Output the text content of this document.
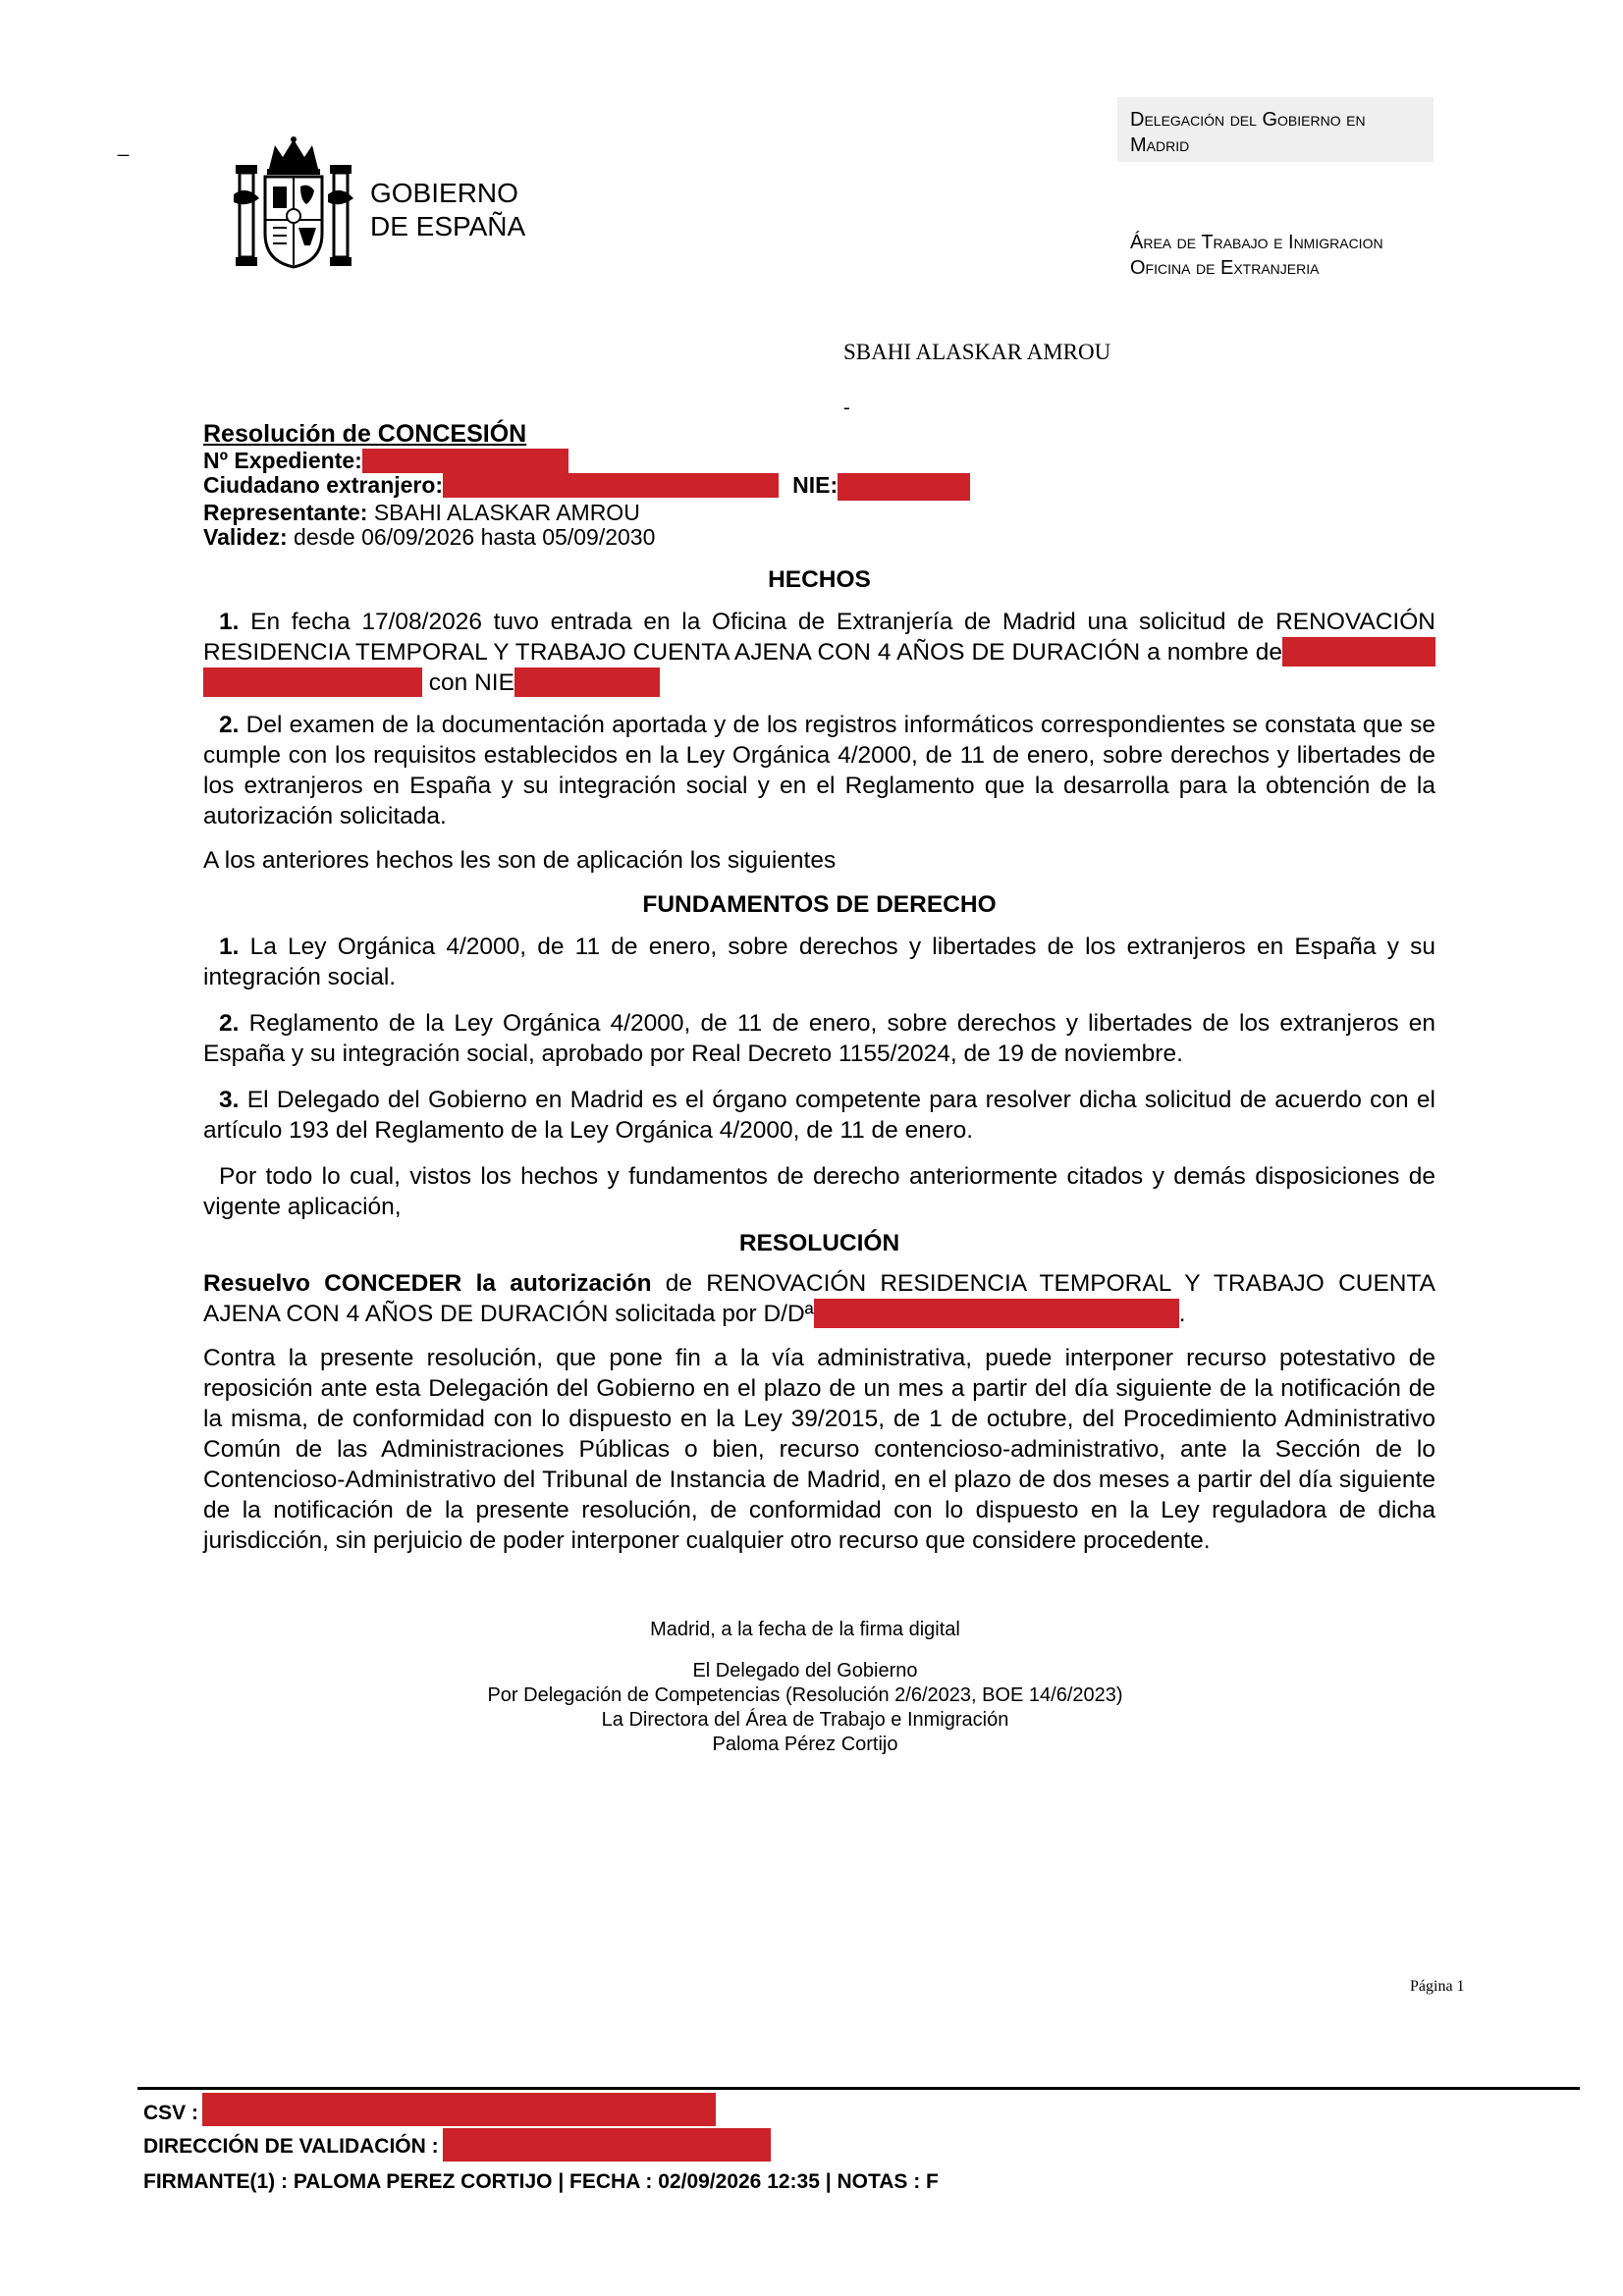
_
GOBIERNO
DE ESPAÑA
Delegación del Gobierno en
Madrid
Área de Trabajo e Inmigracion
Oficina de Extranjeria
SBAHI ALASKAR AMROU
-
Resolución de CONCESIÓN
Nº Expediente:
Ciudadano extranjero:	NIE:
Representante: SBAHI ALASKAR AMROU
Validez: desde 06/09/2026 hasta 05/09/2030
HECHOS
1. En fecha 17/08/2026 tuvo entrada en la Oficina de Extranjería de Madrid una solicitud de RENOVACIÓN RESIDENCIA TEMPORAL Y TRABAJO CUENTA AJENA CON 4 AÑOS DE DURACIÓN a nombre de con NIE
2. Del examen de la documentación aportada y de los registros informáticos correspondientes se constata que se cumple con los requisitos establecidos en la Ley Orgánica 4/2000, de 11 de enero, sobre derechos y libertades de los extranjeros en España y su integración social y en el Reglamento que la desarrolla para la obtención de la autorización solicitada.
A los anteriores hechos les son de aplicación los siguientes
FUNDAMENTOS DE DERECHO
1. La Ley Orgánica 4/2000, de 11 de enero, sobre derechos y libertades de los extranjeros en España y su integración social.
2. Reglamento de la Ley Orgánica 4/2000, de 11 de enero, sobre derechos y libertades de los extranjeros en España y su integración social, aprobado por Real Decreto 1155/2024, de 19 de noviembre.
3. El Delegado del Gobierno en Madrid es el órgano competente para resolver dicha solicitud de acuerdo con el artículo 193 del Reglamento de la Ley Orgánica 4/2000, de 11 de enero.
Por todo lo cual, vistos los hechos y fundamentos de derecho anteriormente citados y demás disposiciones de vigente aplicación,
RESOLUCIÓN
Resuelvo CONCEDER la autorización de RENOVACIÓN RESIDENCIA TEMPORAL Y TRABAJO CUENTA AJENA CON 4 AÑOS DE DURACIÓN solicitada por D/Dª	.
Contra la presente resolución, que pone fin a la vía administrativa, puede interponer recurso potestativo de reposición ante esta Delegación del Gobierno en el plazo de un mes a partir del día siguiente de la notificación de la misma, de conformidad con lo dispuesto en la Ley 39/2015, de 1 de octubre, del Procedimiento Administrativo Común de las Administraciones Públicas o bien, recurso contencioso-administrativo, ante la Sección de lo Contencioso-Administrativo del Tribunal de Instancia de Madrid, en el plazo de dos meses a partir del día siguiente de la notificación de la presente resolución, de conformidad con lo dispuesto en la Ley reguladora de dicha jurisdicción, sin perjuicio de poder interponer cualquier otro recurso que considere procedente.
Madrid, a la fecha de la firma digital
El Delegado del Gobierno
Por Delegación de Competencias (Resolución 2/6/2023, BOE 14/6/2023)
La Directora del Área de Trabajo e Inmigración
Paloma Pérez Cortijo
Página 1
CSV :
DIRECCIÓN DE VALIDACIÓN :
FIRMANTE(1) : PALOMA PEREZ CORTIJO | FECHA : 02/09/2026 12:35 | NOTAS : F
